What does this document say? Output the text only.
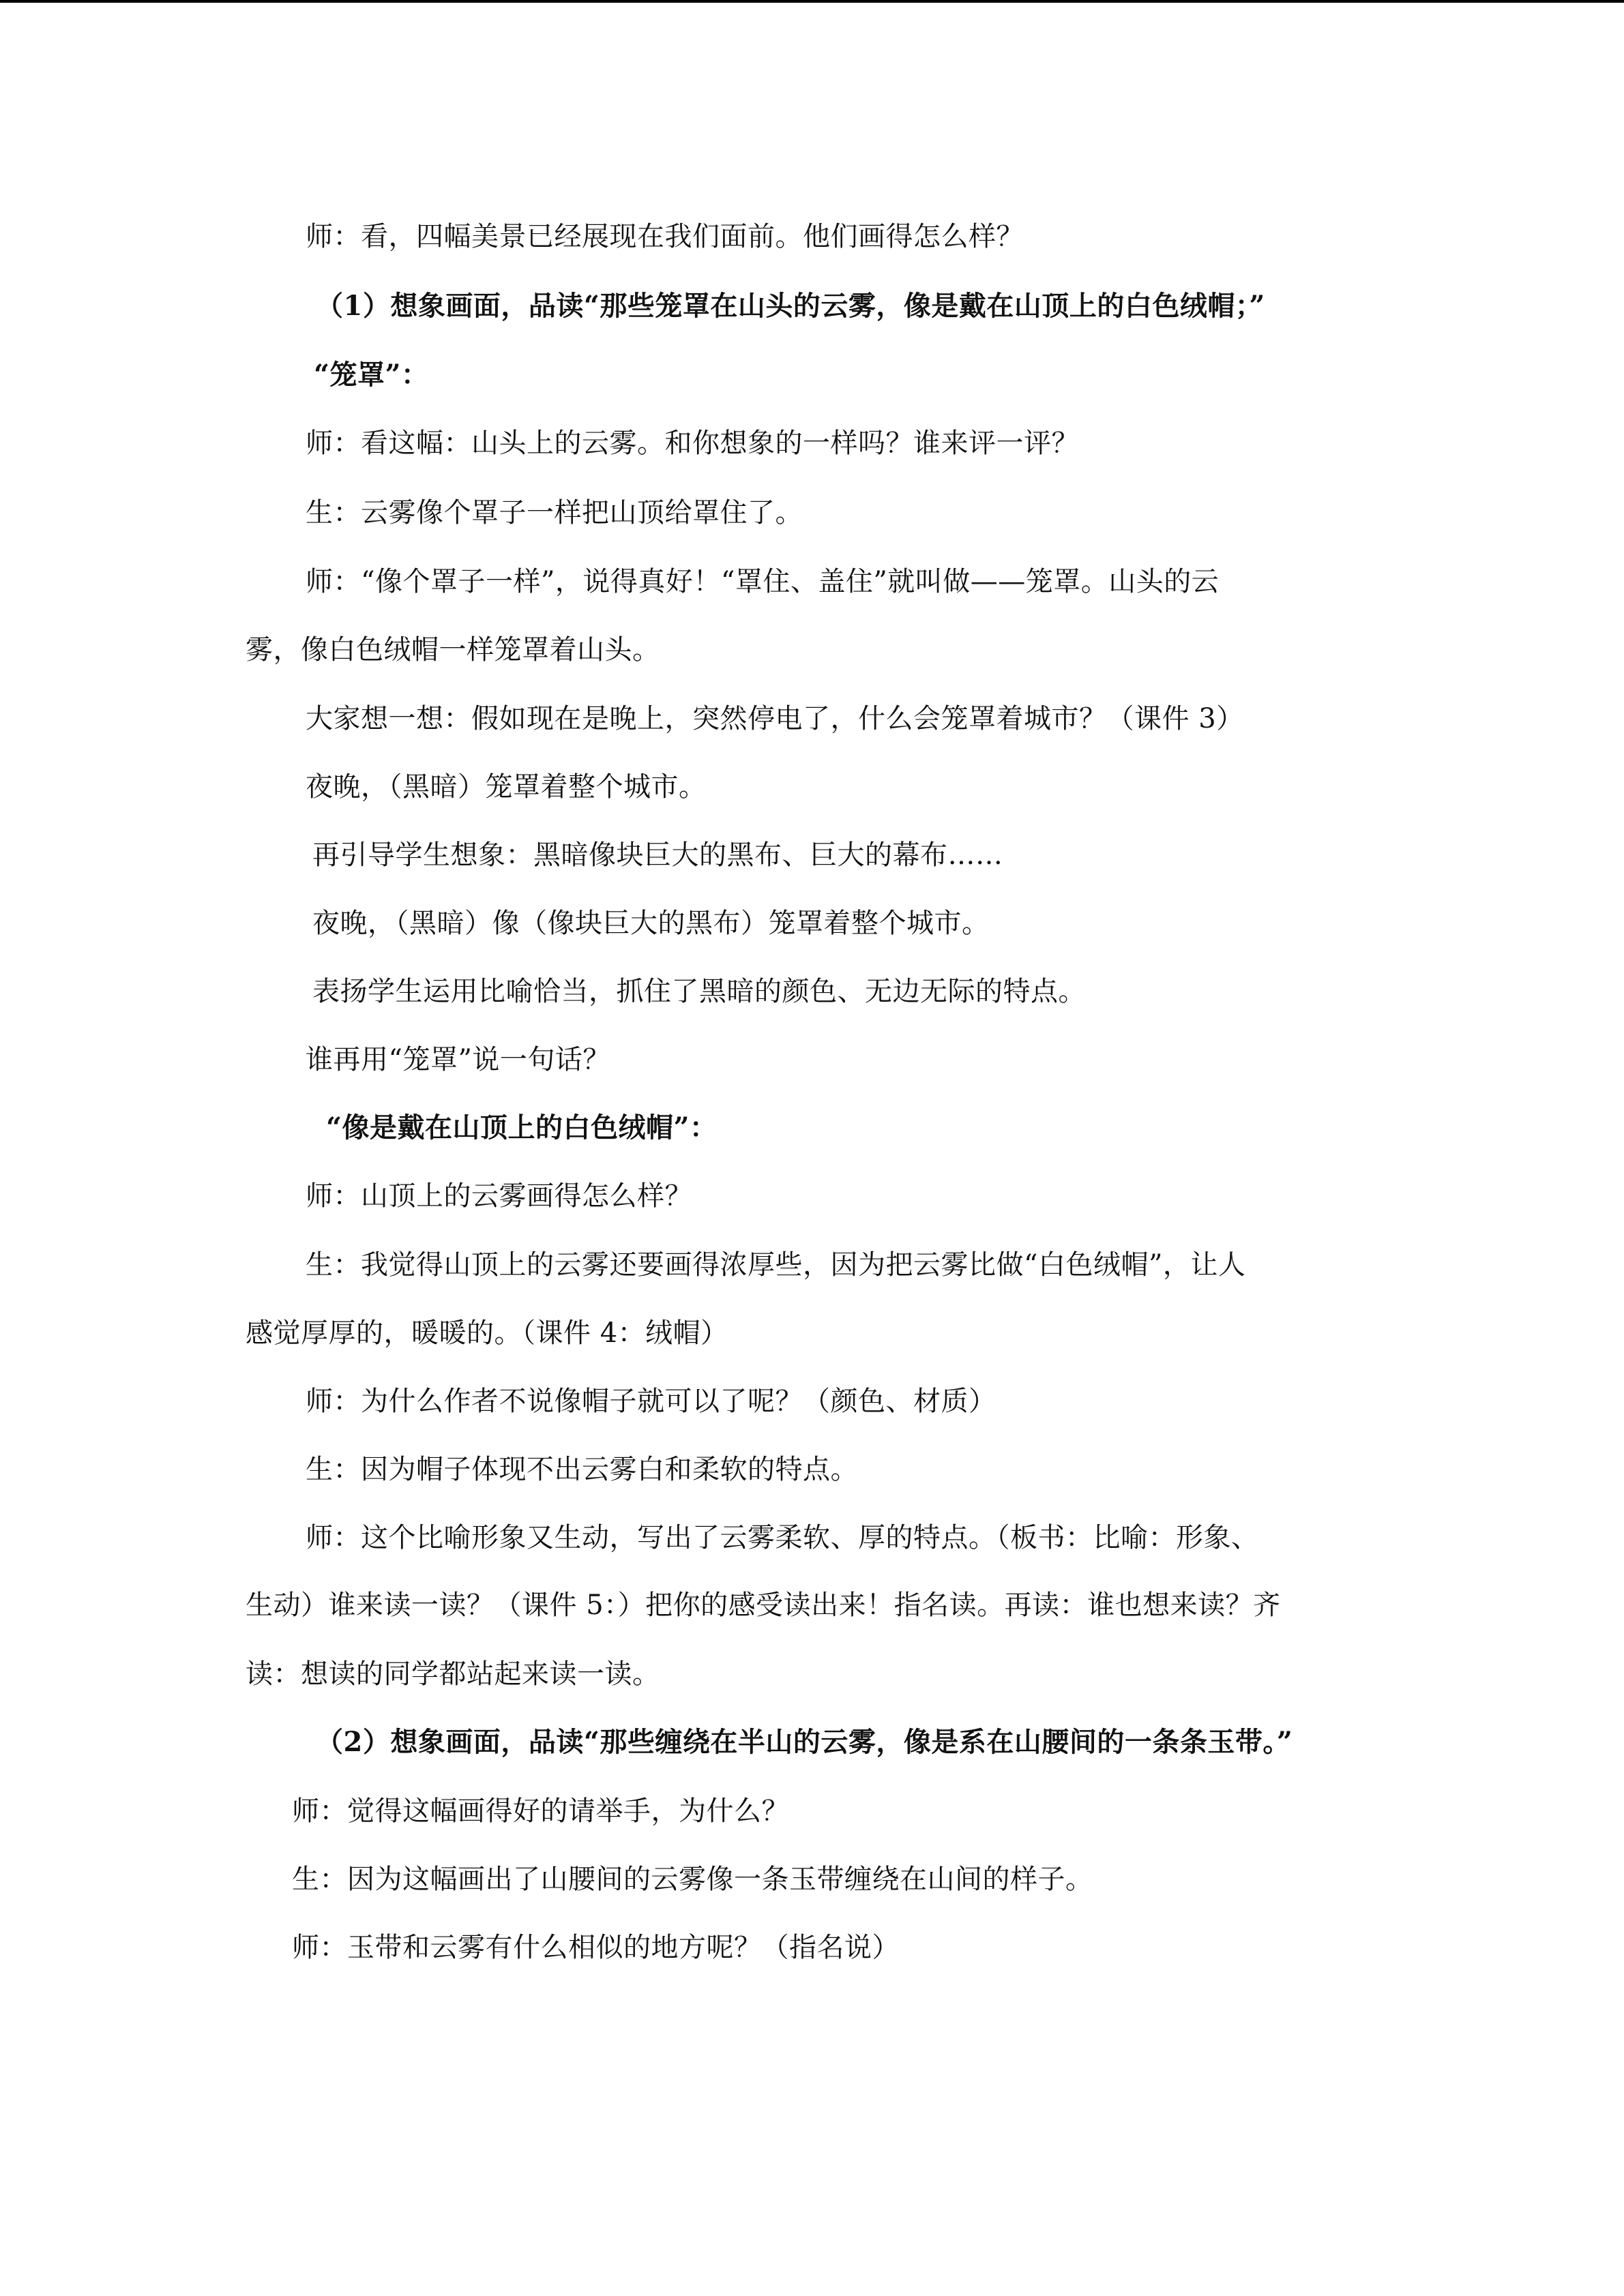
师：看，四幅美景已经展现在我们面前。他们画得怎么样？
（1）想象画面，品读“那些笼罩在山头的云雾，像是戴在山顶上的白色绒帽；”
“笼罩”：
师：看这幅：山头上的云雾。和你想象的一样吗？谁来评一评？
生：云雾像个罩子一样把山顶给罩住了。
师：“像个罩子一样”，说得真好！“罩住、盖住”就叫做——笼罩。山头的云
雾，像白色绒帽一样笼罩着山头。
大家想一想：假如现在是晚上，突然停电了，什么会笼罩着城市？（课件 3）
夜晚，（黑暗）笼罩着整个城市。
再引导学生想象：黑暗像块巨大的黑布、巨大的幕布……
夜晚，（黑暗）像（像块巨大的黑布）笼罩着整个城市。
表扬学生运用比喻恰当，抓住了黑暗的颜色、无边无际的特点。
谁再用“笼罩”说一句话？
“像是戴在山顶上的白色绒帽”：
师：山顶上的云雾画得怎么样？
生：我觉得山顶上的云雾还要画得浓厚些，因为把云雾比做“白色绒帽”，让人
感觉厚厚的，暖暖的。（课件 4：绒帽）
师：为什么作者不说像帽子就可以了呢？（颜色、材质）
生：因为帽子体现不出云雾白和柔软的特点。
师：这个比喻形象又生动，写出了云雾柔软、厚的特点。（板书：比喻：形象、
生动）谁来读一读？（课件 5：）把你的感受读出来！指名读。再读：谁也想来读？齐
读：想读的同学都站起来读一读。
（2）想象画面，品读“那些缠绕在半山的云雾，像是系在山腰间的一条条玉带。”
师：觉得这幅画得好的请举手，为什么？
生：因为这幅画出了山腰间的云雾像一条玉带缠绕在山间的样子。
师：玉带和云雾有什么相似的地方呢？（指名说）
